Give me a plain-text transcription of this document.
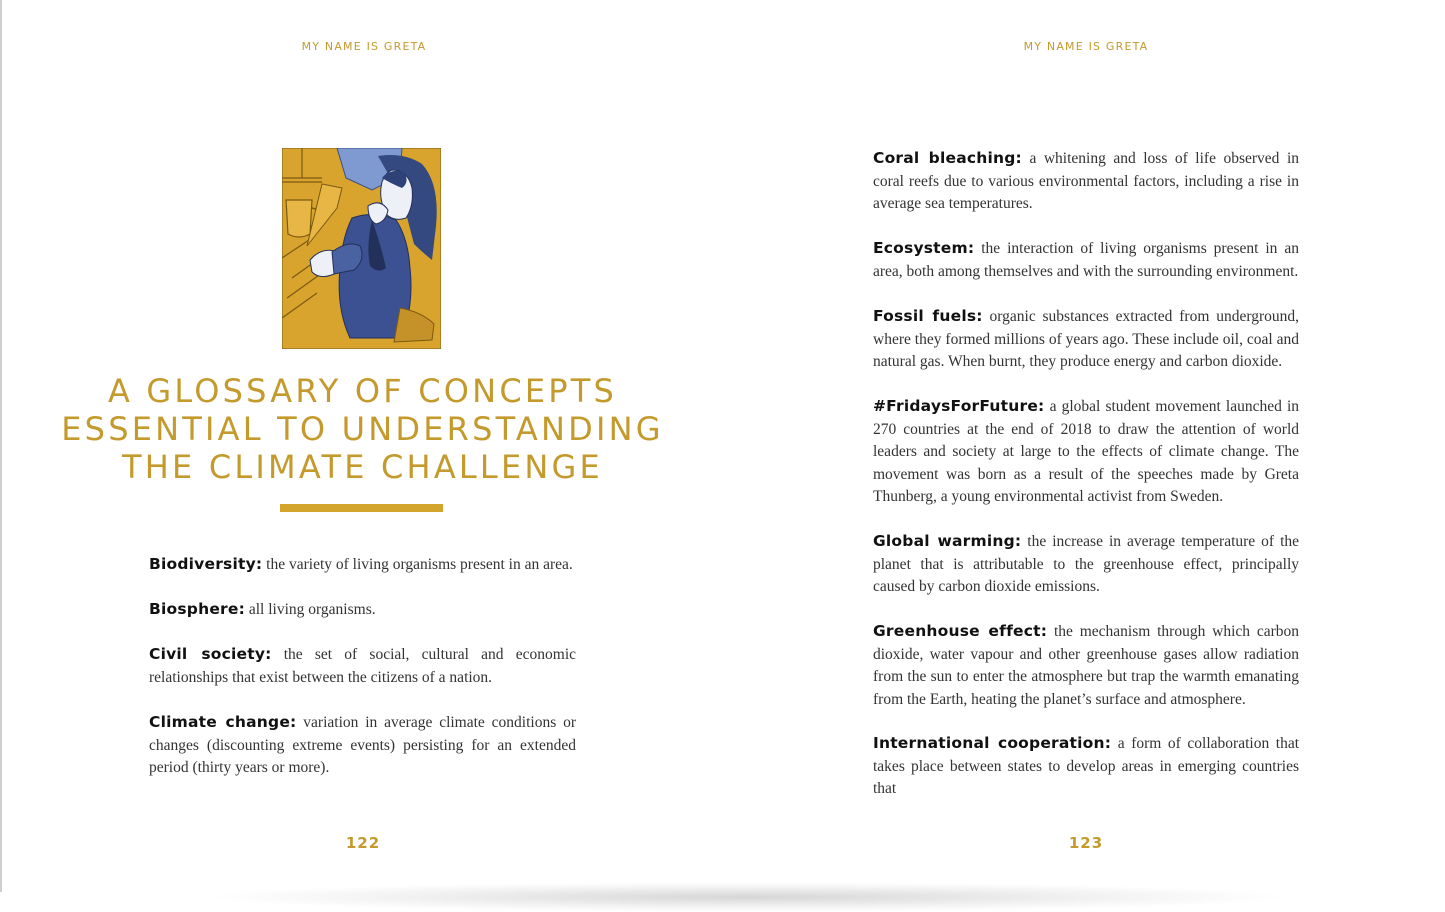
MY NAME IS GRETA
A GLOSSARY OF CONCEPTS
ESSENTIAL TO UNDERSTANDING
THE CLIMATE CHALLENGE

Biodiversity: the variety of living organisms present in an area.

Biosphere: all living organisms.

Civil society: the set of social, cultural and economic relationships that exist between the citizens of a nation.

Climate change: variation in average climate conditions or changes (discounting extreme events) persisting for an extended period (thirty years or more).

122
MY NAME IS GRETA

Coral bleaching: a whitening and loss of life observed in coral reefs due to various environmental factors, including a rise in average sea temperatures.

Ecosystem: the interaction of living organisms present in an area, both among themselves and with the surrounding environment.

Fossil fuels: organic substances extracted from underground, where they formed millions of years ago. These include oil, coal and natural gas. When burnt, they produce energy and carbon dioxide.

#FridaysForFuture: a global student movement launched in 270 countries at the end of 2018 to draw the attention of world leaders and society at large to the effects of climate change. The movement was born as a result of the speeches made by Greta Thunberg, a young environmental activist from Sweden.

Global warming: the increase in average temperature of the planet that is attributable to the greenhouse effect, principally caused by carbon dioxide emissions.

Greenhouse effect: the mechanism through which carbon dioxide, water vapour and other greenhouse gases allow radiation from the sun to enter the atmosphere but trap the warmth emanating from the Earth, heating the planet’s surface and atmosphere.

International cooperation: a form of collaboration that takes place between states to develop areas in emerging countries that

123
